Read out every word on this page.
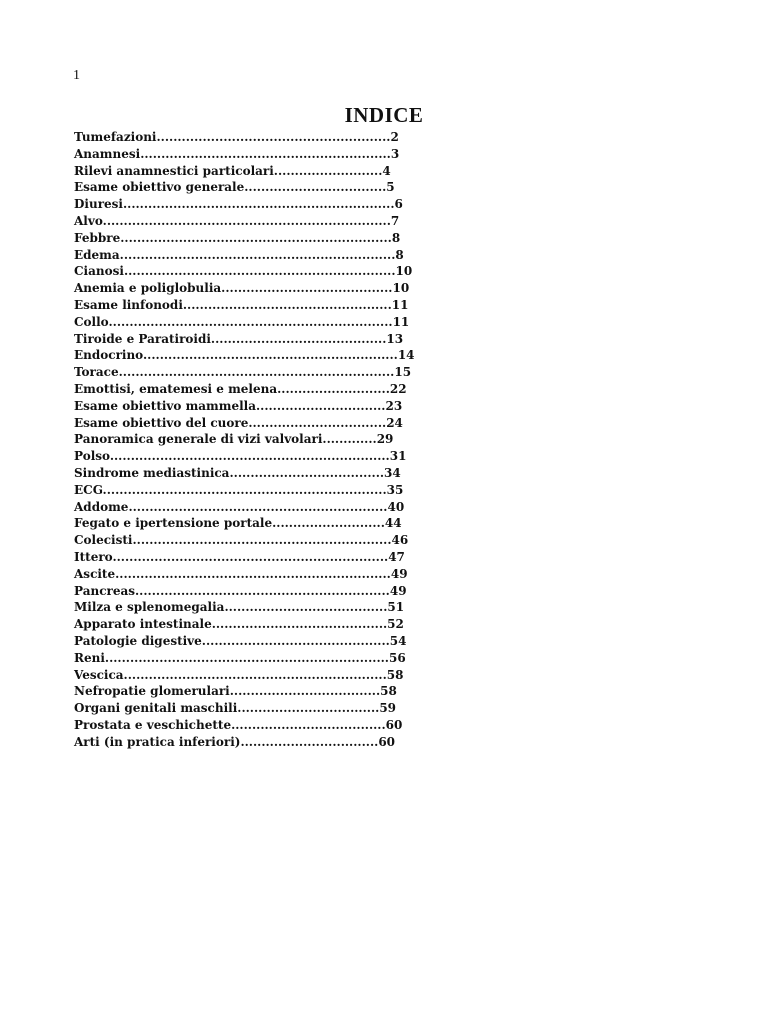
1
INDICE
Tumefazioni........................................................2
Anamnesi............................................................3
Rilevi anamnestici particolari..........................4
Esame obiettivo generale..................................5
Diuresi.................................................................6
Alvo.....................................................................7
Febbre.................................................................8
Edema..................................................................8
Cianosi.................................................................10
Anemia e poliglobulia.........................................10
Esame linfonodi..................................................11
Collo....................................................................11
Tiroide e Paratiroidi..........................................13
Endocrino.............................................................14
Torace..................................................................15
Emottisi, ematemesi e melena...........................22
Esame obiettivo mammella...............................23
Esame obiettivo del cuore.................................24
Panoramica generale di vizi valvolari.............29
Polso...................................................................31
Sindrome mediastinica.....................................34
ECG....................................................................35
Addome..............................................................40
Fegato e ipertensione portale...........................44
Colecisti..............................................................46
Ittero..................................................................47
Ascite..................................................................49
Pancreas.............................................................49
Milza e splenomegalia.......................................51
Apparato intestinale..........................................52
Patologie digestive.............................................54
Reni....................................................................56
Vescica...............................................................58
Nefropatie glomerulari....................................58
Organi genitali maschili..................................59
Prostata e veschichette.....................................60
Arti (in pratica inferiori).................................60
